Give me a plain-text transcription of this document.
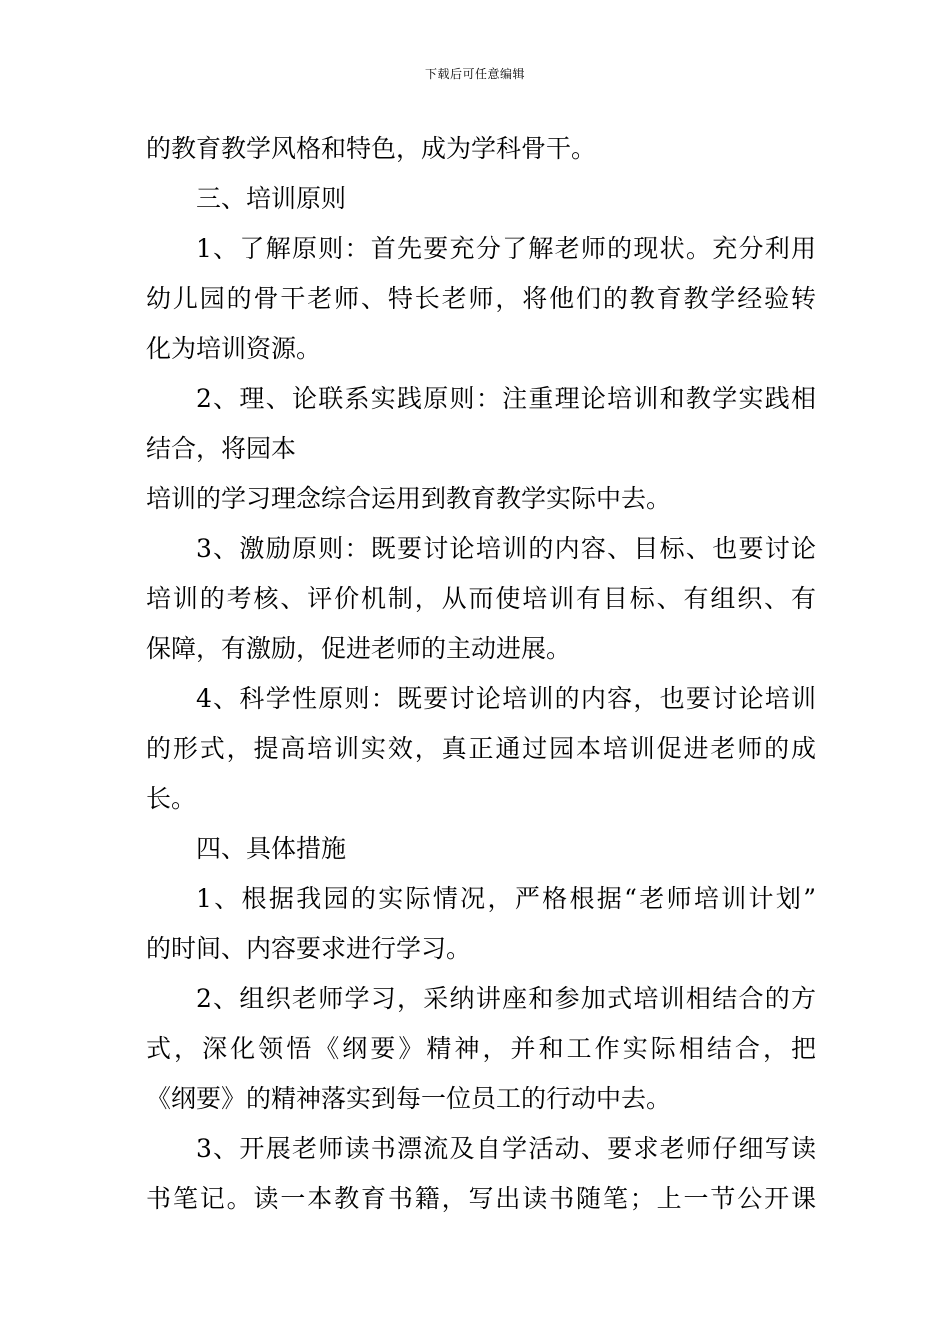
下载后可任意编辑
的教育教学风格和特色，成为学科骨干。
三、培训原则
1、了解原则：首先要充分了解老师的现状。充分利用
幼儿园的骨干老师、特长老师，将他们的教育教学经验转
化为培训资源。
2、理、论联系实践原则：注重理论培训和教学实践相
结合，将园本
培训的学习理念综合运用到教育教学实际中去。
3、激励原则：既要讨论培训的内容、目标、也要讨论
培训的考核、评价机制，从而使培训有目标、有组织、有
保障，有激励，促进老师的主动进展。
4、科学性原则：既要讨论培训的内容，也要讨论培训
的形式，提高培训实效，真正通过园本培训促进老师的成
长。
四、具体措施
1、根据我园的实际情况，严格根据“老师培训计划”
的时间、内容要求进行学习。
2、组织老师学习，采纳讲座和参加式培训相结合的方
式，深化领悟《纲要》精神，并和工作实际相结合，把
《纲要》的精神落实到每一位员工的行动中去。
3、开展老师读书漂流及自学活动、要求老师仔细写读
书笔记。读一本教育书籍，写出读书随笔；上一节公开课
